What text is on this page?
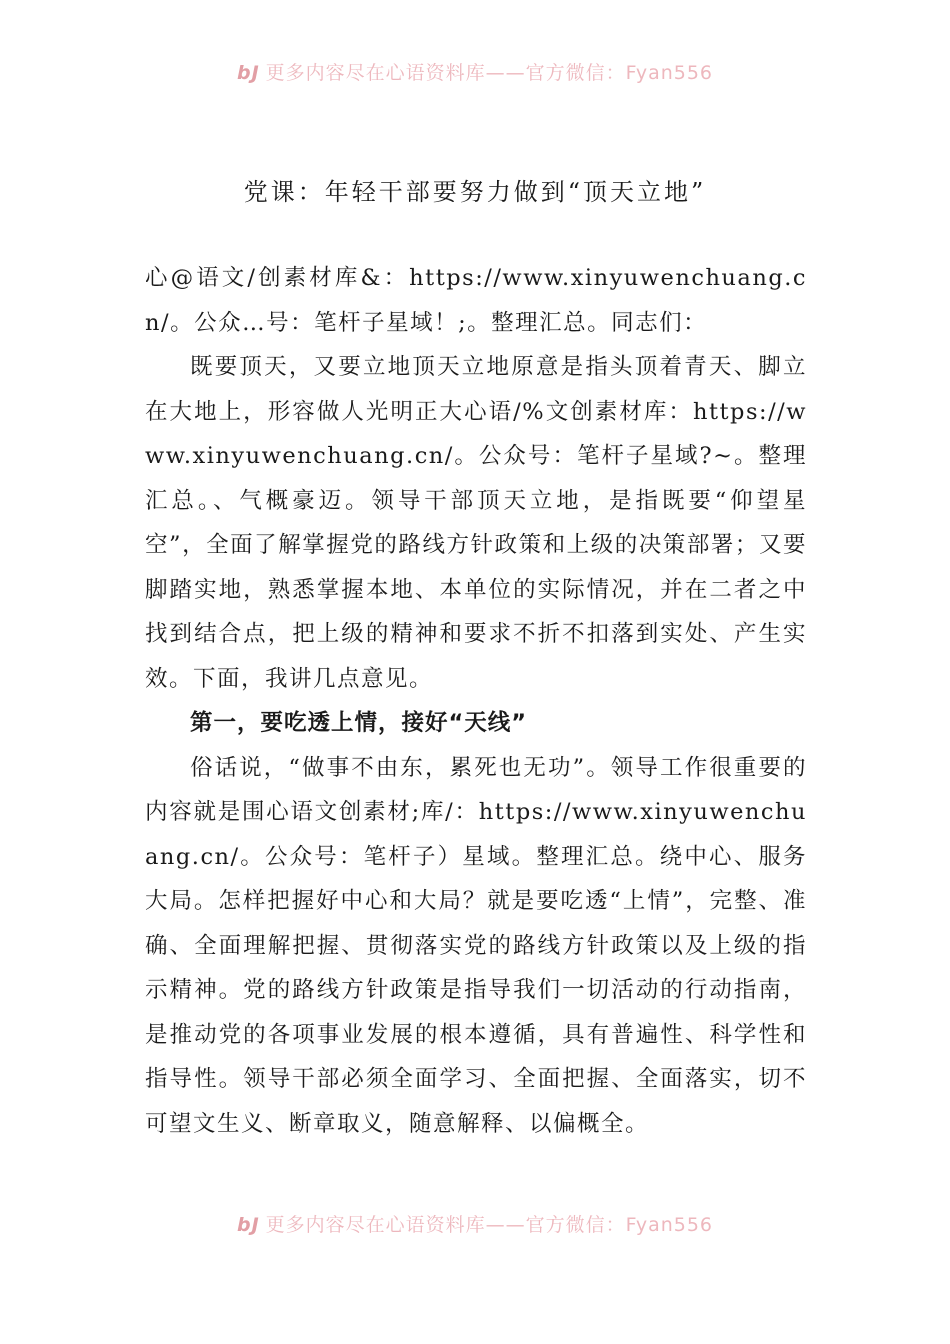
bJ 更多内容尽在心语资料库——官方微信：Fyan556
党课：年轻干部要努力做到“顶天立地”

心@语文/创素材库&：https://www.xinyuwenchuang.cn/。公众…号：笔杆子星域！;。整理汇总。同志们：

既要顶天，又要立地顶天立地原意是指头顶着青天、脚立在大地上，形容做人光明正大心语/%文创素材库：https://www.xinyuwenchuang.cn/。公众号：笔杆子星域?~。整理汇总。、气概豪迈。领导干部顶天立地，是指既要“仰望星空”，全面了解掌握党的路线方针政策和上级的决策部署；又要脚踏实地，熟悉掌握本地、本单位的实际情况，并在二者之中找到结合点，把上级的精神和要求不折不扣落到实处、产生实效。下面，我讲几点意见。

第一，要吃透上情，接好“天线”

俗话说，“做事不由东，累死也无功”。领导工作很重要的内容就是围心语文创素材;库/：https://www.xinyuwenchuang.cn/。公众号：笔杆子）星域。整理汇总。绕中心、服务大局。怎样把握好中心和大局？就是要吃透“上情”，完整、准确、全面理解把握、贯彻落实党的路线方针政策以及上级的指示精神。党的路线方针政策是指导我们一切活动的行动指南，是推动党的各项事业发展的根本遵循，具有普遍性、科学性和指导性。领导干部必须全面学习、全面把握、全面落实，切不可望文生义、断章取义，随意解释、以偏概全。

bJ 更多内容尽在心语资料库——官方微信：Fyan556
